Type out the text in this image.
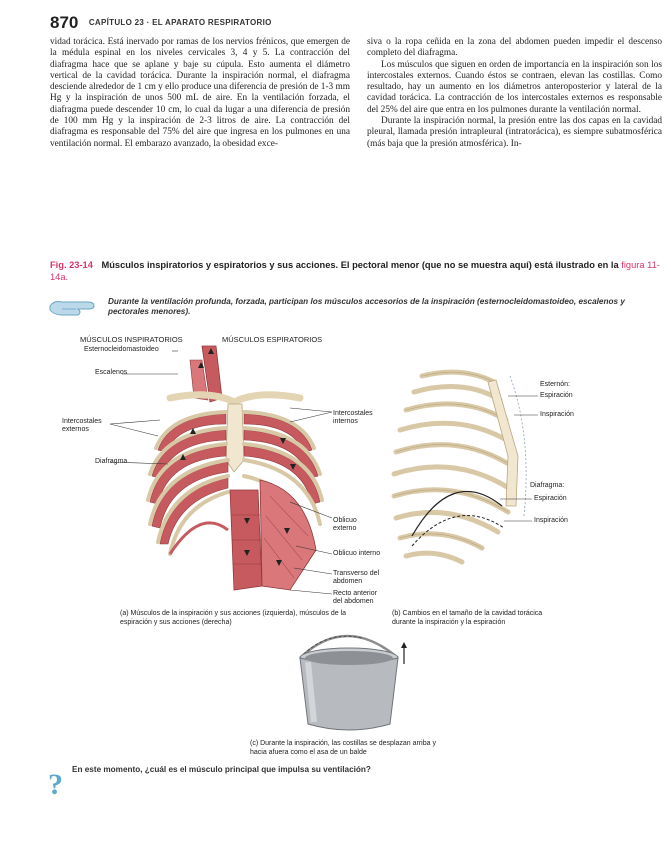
870 CAPÍTULO 23 · EL APARATO RESPIRATORIO

vidad torácica. Está inervado por ramas de los nervios frénicos, que emergen de la médula espinal en los niveles cervicales 3, 4 y 5. La contracción del diafragma hace que se aplane y baje su cúpula. Esto aumenta el diámetro vertical de la cavidad torácica. Durante la inspiración normal, el diafragma desciende alrededor de 1 cm y ello produce una diferencia de presión de 1-3 mm Hg y la inspiración de unos 500 mL de aire. En la ventilación forzada, el diafragma puede descender 10 cm, lo cual da lugar a una diferencia de presión de 100 mm Hg y la inspiración de 2-3 litros de aire. La contracción del diafragma es responsable del 75% del aire que ingresa en los pulmones en una ventilación normal. El embarazo avanzado, la obesidad exce-

siva o la ropa ceñida en la zona del abdomen pueden impedir el descenso completo del diafragma.

Los músculos que siguen en orden de importancia en la inspiración son los intercostales externos. Cuando éstos se contraen, elevan las costillas. Como resultado, hay un aumento en los diámetros anteroposterior y lateral de la cavidad torácica. La contracción de los intercostales externos es responsable del 25% del aire que entra en los pulmones durante la ventilación normal.

Durante la inspiración normal, la presión entre las dos capas en la cavidad pleural, llamada presión intrapleural (intratorácica), es siempre subatmosférica (más baja que la presión atmosférica). In-

Fig. 23-14 Músculos inspiratorios y espiratorios y sus acciones. El pectoral menor (que no se muestra aquí) está ilustrado en la figura 11-14a.
Durante la ventilación profunda, forzada, participan los músculos accesorios de la inspiración (esternocleidomastoideo, escalenos y pectorales menores).
MÚSCULOS INSPIRATORIOS	MÚSCULOS ESPIRATORIOS
Esternocleidomastoideo
Escalenos
Intercostales externos
Diafragma
Intercostales internos
Oblicuo externo
Oblicuo interno
Transverso del abdomen
Recto anterior del abdomen
Esternón:
Espiración
Inspiración
Diafragma:
Espiración
Inspiración
(a) Músculos de la inspiración y sus acciones (izquierda), músculos de la espiración y sus acciones (derecha)
(b) Cambios en el tamaño de la cavidad torácica durante la inspiración y la espiración
(c) Durante la inspiración, las costillas se desplazan arriba y hacia afuera como el asa de un balde
? En este momento, ¿cuál es el músculo principal que impulsa su ventilación?
